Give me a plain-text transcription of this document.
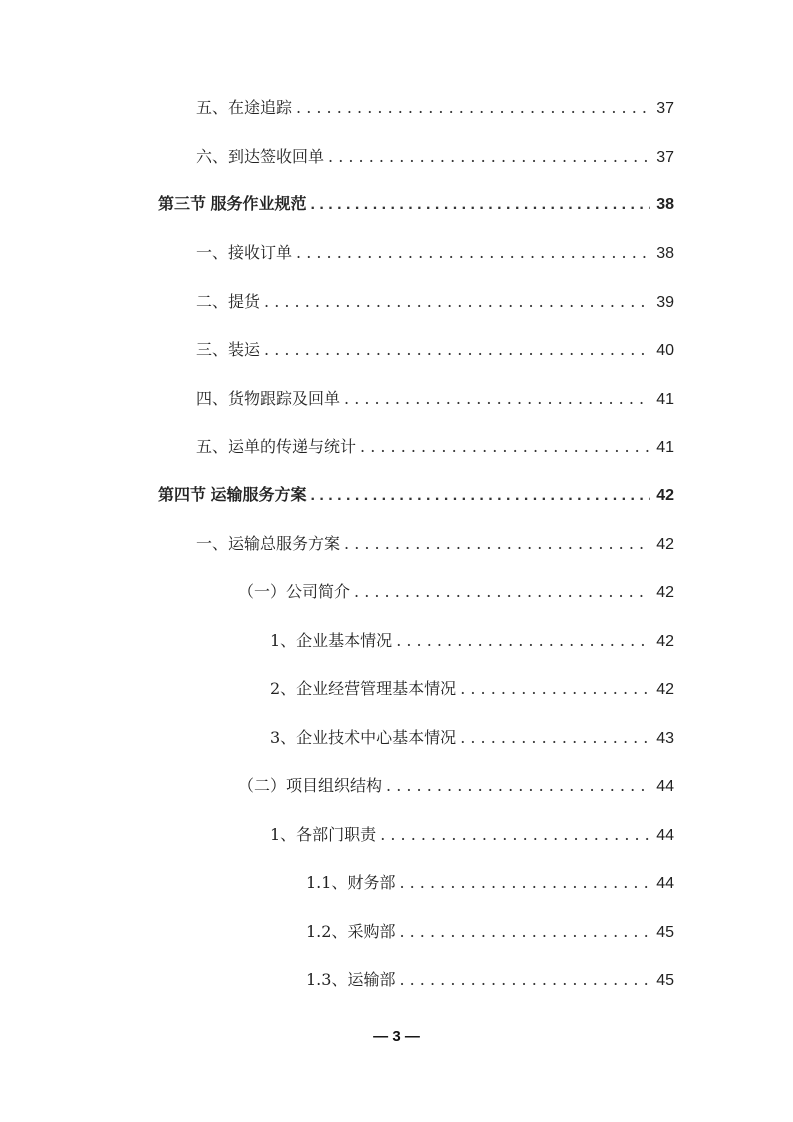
五、在途追踪 . . .	37
六、到达签收回单 . . .	37
第三节 服务作业规范 . . .	38
一、接收订单 . . .	38
二、提货 . . .	39
三、装运 . . .	40
四、货物跟踪及回单 . . .	41
五、运单的传递与统计 . . .	41
第四节 运输服务方案 . . .	42
一、运输总服务方案 . . .	42
（一）公司简介 . . .	42
1、企业基本情况 . . .	42
2、企业经营管理基本情况 . . .	42
3、企业技术中心基本情况 . . .	43
（二）项目组织结构 . . .	44
1、各部门职责 . . .	44
1.1、财务部 . . .	44
1.2、采购部 . . .	45
1.3、运输部 . . .	45
— 3 —
